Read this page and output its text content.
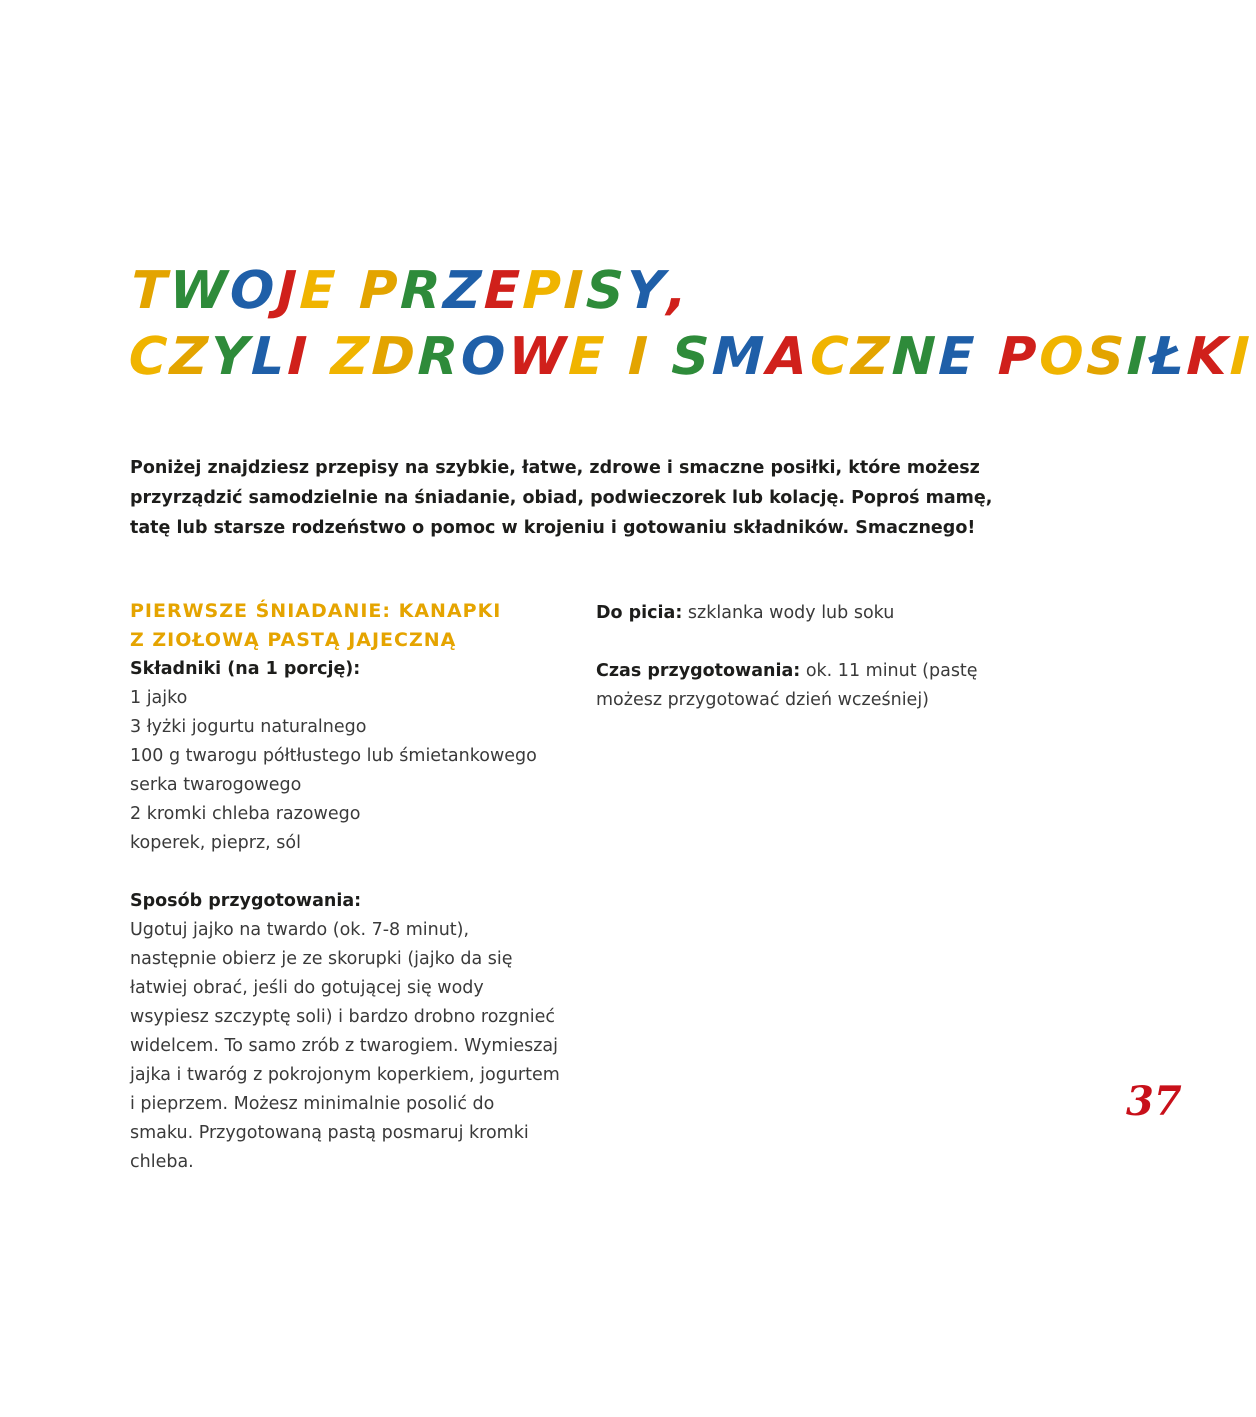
TWOJE PRZEPISY,
CZYLI ZDROWE I SMACZNE POSIŁKI
Poniżej znajdziesz przepisy na szybkie, łatwe, zdrowe i smaczne posiłki, które możesz przyrządzić samodzielnie na śniadanie, obiad, podwieczorek lub kolację. Poproś mamę, tatę lub starsze rodzeństwo o pomoc w krojeniu i gotowaniu składników. Smacznego!
PIERWSZE ŚNIADANIE: KANAPKI
Z ZIOŁOWĄ PASTĄ JAJECZNĄ
Składniki (na 1 porcję):
1 jajko
3 łyżki jogurtu naturalnego
100 g twarogu półtłustego lub śmietankowego
serka twarogowego
2 kromki chleba razowego
koperek, pieprz, sól
Sposób przygotowania:
Ugotuj jajko na twardo (ok. 7-8 minut),
następnie obierz je ze skorupki (jajko da się
łatwiej obrać, jeśli do gotującej się wody
wsypiesz szczyptę soli) i bardzo drobno rozgnieć
widelcem. To samo zrób z twarogiem. Wymieszaj
jajka i twaróg z pokrojonym koperkiem, jogurtem
i pieprzem. Możesz minimalnie posolić do
smaku. Przygotowaną pastą posmaruj kromki
chleba.
Do picia: szklanka wody lub soku
Czas przygotowania: ok. 11 minut (pastę
możesz przygotować dzień wcześniej)
37
